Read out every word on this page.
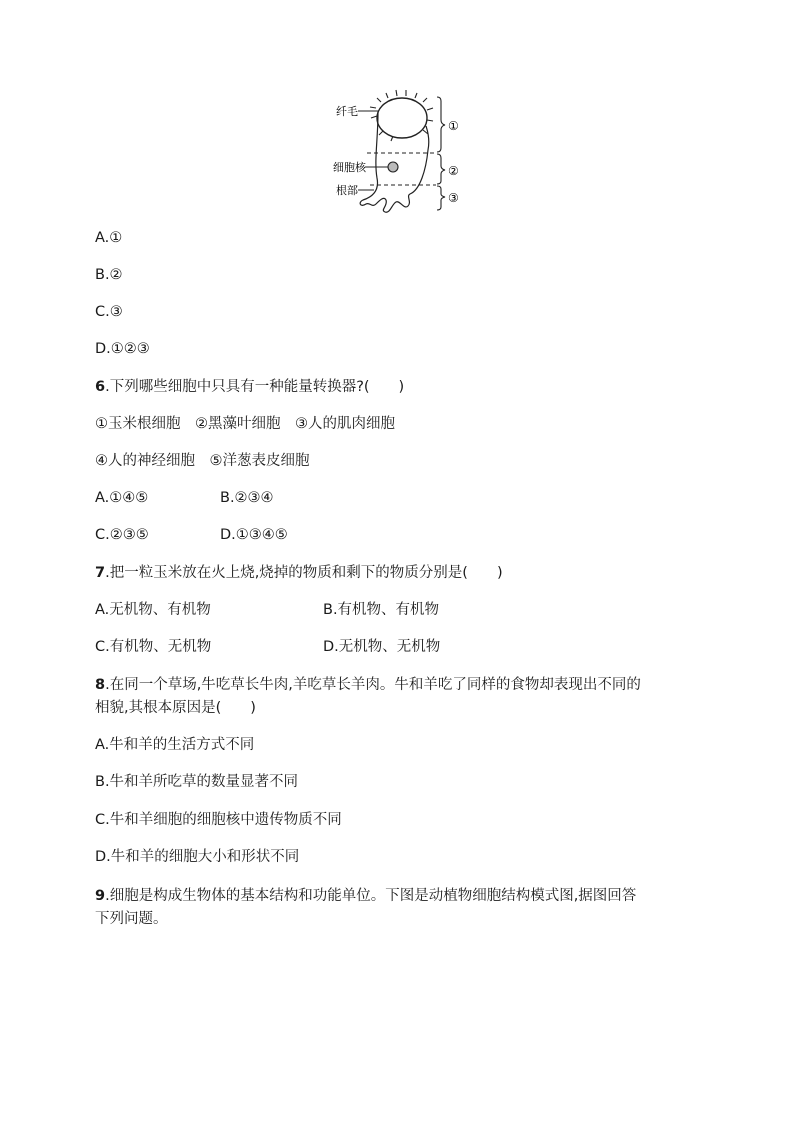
纤毛
细胞核
根部
①
②
③
A.①
B.②
C.③
D.①②③
6.下列哪些细胞中只具有一种能量转换器?(　　)
①玉米根细胞　②黑藻叶细胞　③人的肌肉细胞
④人的神经细胞　⑤洋葱表皮细胞
A.①④⑤	B.②③④
C.②③⑤	D.①③④⑤
7.把一粒玉米放在火上烧,烧掉的物质和剩下的物质分别是(　　)
A.无机物、有机物	B.有机物、有机物
C.有机物、无机物	D.无机物、无机物
8.在同一个草场,牛吃草长牛肉,羊吃草长羊肉。牛和羊吃了同样的食物却表现出不同的
相貌,其根本原因是(　　)
A.牛和羊的生活方式不同
B.牛和羊所吃草的数量显著不同
C.牛和羊细胞的细胞核中遗传物质不同
D.牛和羊的细胞大小和形状不同
9.细胞是构成生物体的基本结构和功能单位。下图是动植物细胞结构模式图,据图回答
下列问题。
